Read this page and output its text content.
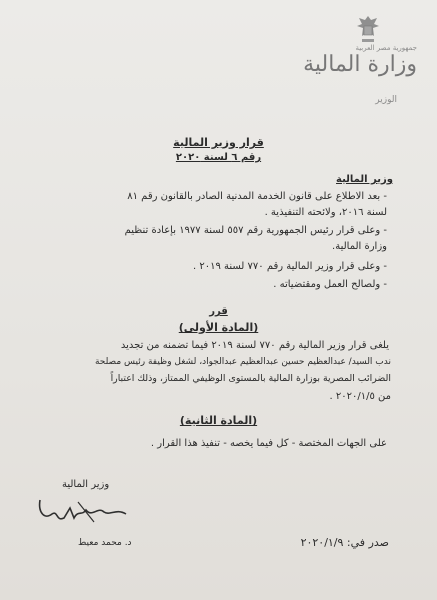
جمهورية مصر العربية
وزارة المالية
الوزير
قرار وزير المالية
رقم ٦ لسنة ٢٠٢٠
وزير المالية
- بعد الاطلاع على قانون الخدمة المدنية الصادر بالقانون رقم ٨١
لسنة ٢٠١٦، ولائحته التنفيذية .
- وعلى قرار رئيس الجمهورية رقم ٥٥٧ لسنة ١٩٧٧ بإعادة تنظيم
وزارة المالية.
- وعلى قرار وزير المالية رقم ٧٧٠ لسنة ٢٠١٩ .
- ولصالح العمل ومقتضياته .
قرر
(المادة الأولى)
يلغى قرار وزير المالية رقم ٧٧٠ لسنة ٢٠١٩ فيما تضمنه من تجديد
ندب السيد/ عبدالعظيم حسين عبدالعظيم عبدالجواد، لشغل وظيفة رئيس مصلحة
الضرائب المصرية بوزارة المالية بالمستوى الوظيفي الممتاز، وذلك اعتباراً
من ٢٠٢٠/١/٥ .
(المادة الثانية)
على الجهات المختصة - كل فيما يخصه - تنفيذ هذا القرار .
وزير المالية
د. محمد معيط	صدر في: ٢٠٢٠/١/٩
